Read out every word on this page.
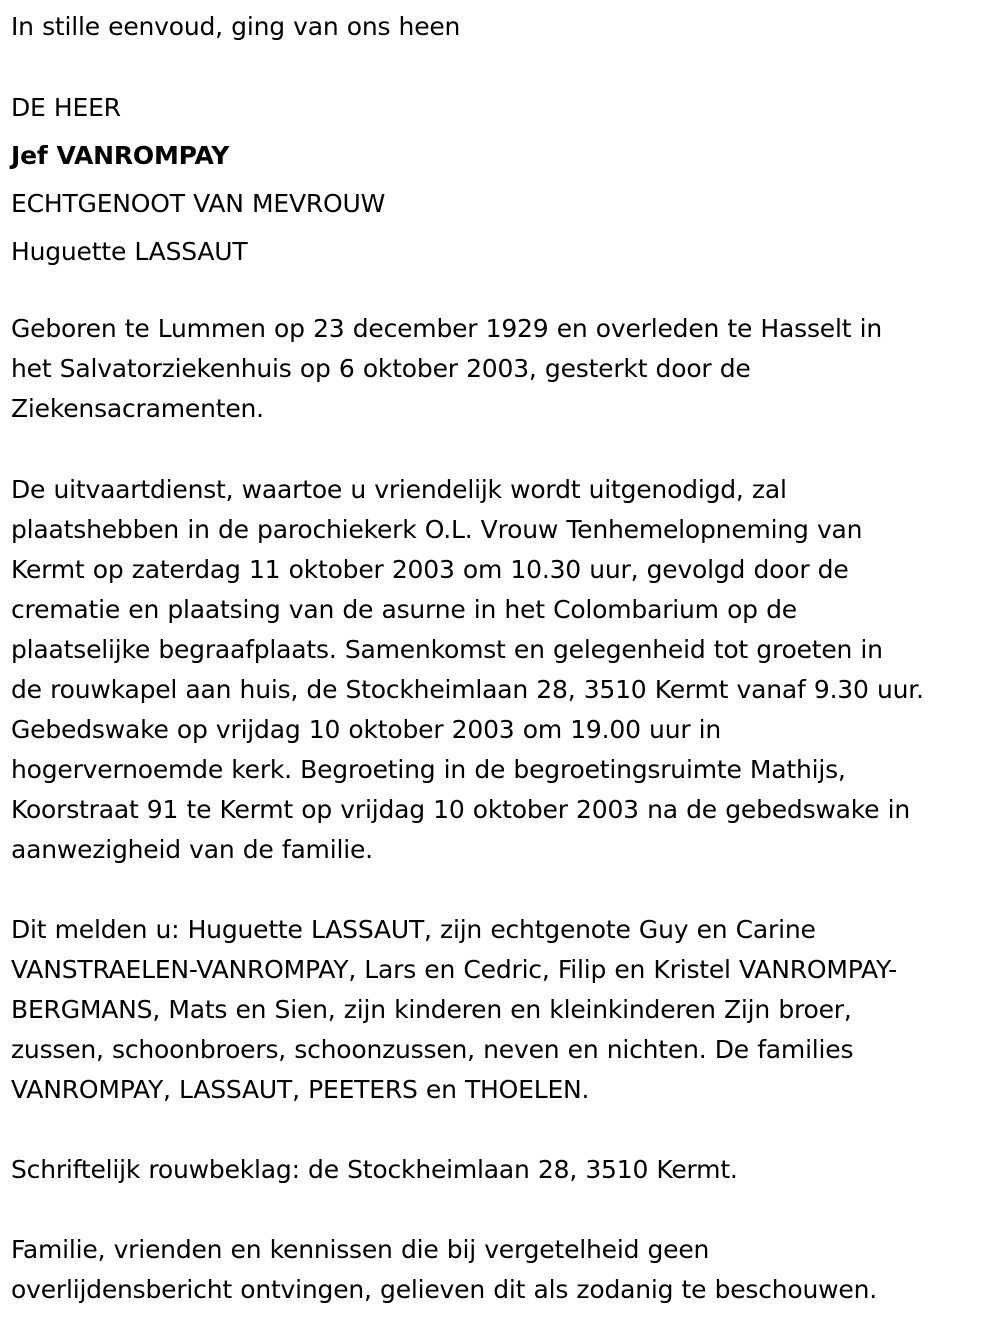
In stille eenvoud, ging van ons heen

DE HEER

Jef VANROMPAY

ECHTGENOOT VAN MEVROUW

Huguette LASSAUT

Geboren te Lummen op 23 december 1929 en overleden te Hasselt in

het Salvatorziekenhuis op 6 oktober 2003, gesterkt door de

Ziekensacramenten.

De uitvaartdienst, waartoe u vriendelijk wordt uitgenodigd, zal

plaatshebben in de parochiekerk O.L. Vrouw Tenhemelopneming van

Kermt op zaterdag 11 oktober 2003 om 10.30 uur, gevolgd door de

crematie en plaatsing van de asurne in het Colombarium op de

plaatselijke begraafplaats. Samenkomst en gelegenheid tot groeten in

de rouwkapel aan huis, de Stockheimlaan 28, 3510 Kermt vanaf 9.30 uur.

Gebedswake op vrijdag 10 oktober 2003 om 19.00 uur in

hogervernoemde kerk. Begroeting in de begroetingsruimte Mathijs,

Koorstraat 91 te Kermt op vrijdag 10 oktober 2003 na de gebedswake in

aanwezigheid van de familie.

Dit melden u: Huguette LASSAUT, zijn echtgenote Guy en Carine

VANSTRAELEN-VANROMPAY, Lars en Cedric, Filip en Kristel VANROMPAY-

BERGMANS, Mats en Sien, zijn kinderen en kleinkinderen Zijn broer,

zussen, schoonbroers, schoonzussen, neven en nichten. De families

VANROMPAY, LASSAUT, PEETERS en THOELEN.

Schriftelijk rouwbeklag: de Stockheimlaan 28, 3510 Kermt.

Familie, vrienden en kennissen die bij vergetelheid geen

overlijdensbericht ontvingen, gelieven dit als zodanig te beschouwen.
